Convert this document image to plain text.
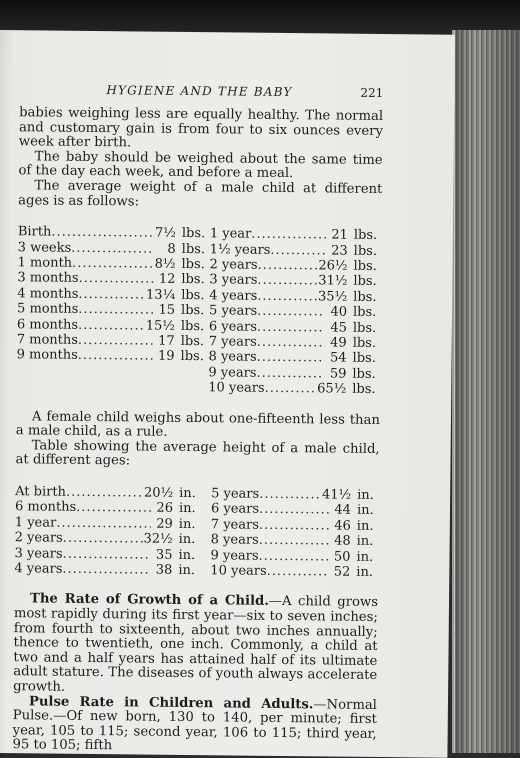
HYGIENE AND THE BABY	221

babies weighing less are equally healthy. The normal and customary gain is from four to six ounces every week after birth.

The baby should be weighed about the same time of the day each week, and before a meal.

The average weight of a male child at different ages is as follows:

Birth .....	7½ lbs.
3 weeks .....	8 lbs.
1 month .....	8½ lbs.
3 months .....	12 lbs.
4 months .....	13¼ lbs.
5 months .....	15 lbs.
6 months .....	15½ lbs.
7 months .....	17 lbs.
9 months .....	19 lbs.
1 year .....	21 lbs.
1½ years .....	23 lbs.
2 years .....	26½ lbs.
3 years .....	31½ lbs.
4 years .....	35½ lbs.
5 years .....	40 lbs.
6 years .....	45 lbs.
7 years .....	49 lbs.
8 years .....	54 lbs.
9 years .....	59 lbs.
10 years .....	65½ lbs.

A female child weighs about one-fifteenth less than a male child, as a rule.

Table showing the average height of a male child, at different ages:

At birth .....	20½ in.
6 months .....	26 in.
1 year .....	29 in.
2 years .....	32½ in.
3 years .....	35 in.
4 years .....	38 in.
5 years .....	41½ in.
6 years .....	44 in.
7 years .....	46 in.
8 years .....	48 in.
9 years .....	50 in.
10 years .....	52 in.

The Rate of Growth of a Child.—A child grows most rapidly during its first year—six to seven inches; from fourth to sixteenth, about two inches annually; thence to twentieth, one inch. Commonly, a child at two and a half years has attained half of its ultimate adult stature. The diseases of youth always accelerate growth.

Pulse Rate in Children and Adults.—Normal Pulse.—Of new born, 130 to 140, per minute; first year, 105 to 115; second year, 106 to 115; third year, 95 to 105; fifth
